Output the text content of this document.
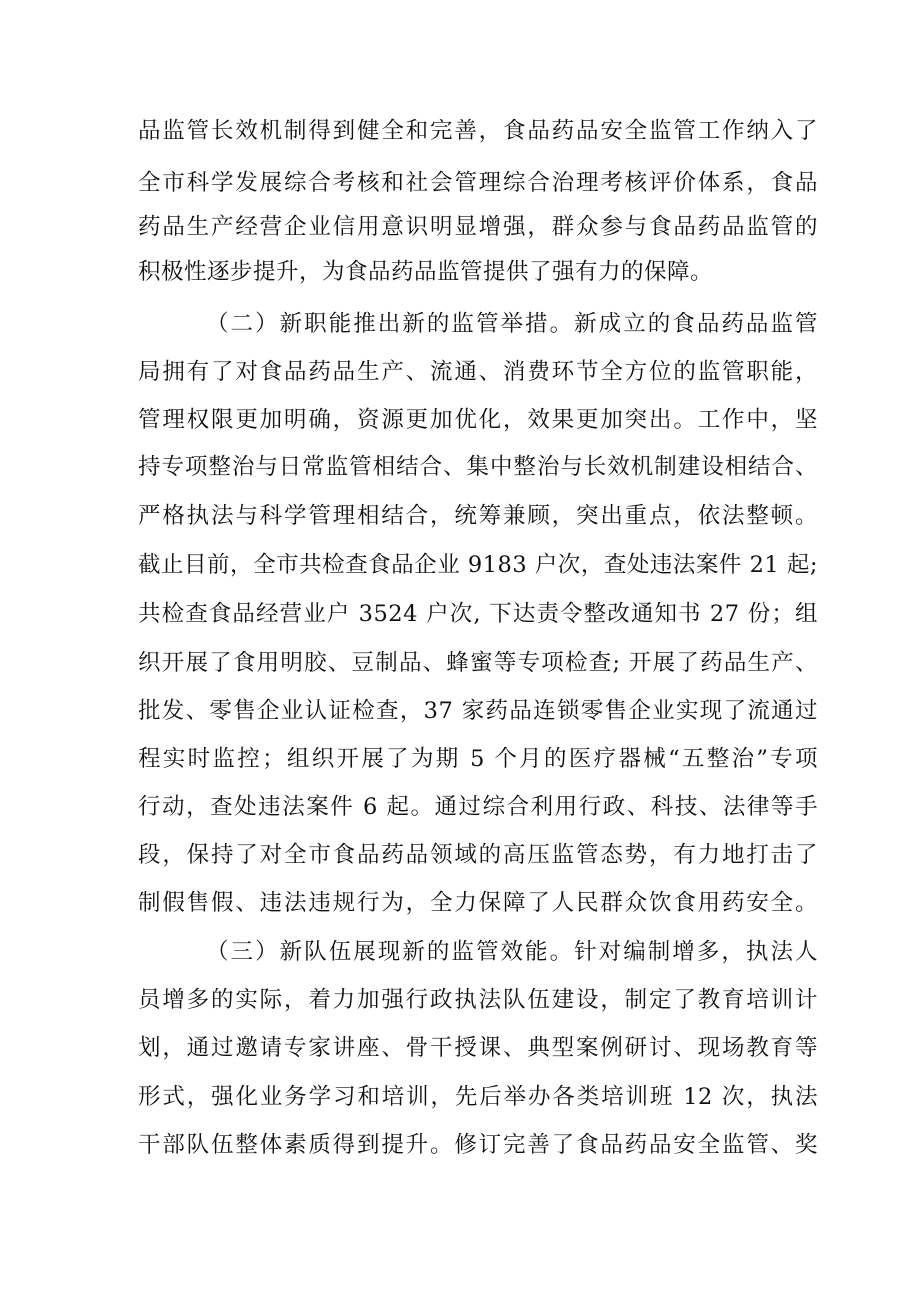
品监管长效机制得到健全和完善，食品药品安全监管工作纳入了
全市科学发展综合考核和社会管理综合治理考核评价体系，食品
药品生产经营企业信用意识明显增强，群众参与食品药品监管的
积极性逐步提升，为食品药品监管提供了强有力的保障。
（二）新职能推出新的监管举措。新成立的食品药品监管
局拥有了对食品药品生产、流通、消费环节全方位的监管职能，
管理权限更加明确，资源更加优化，效果更加突出。工作中，坚
持专项整治与日常监管相结合、集中整治与长效机制建设相结合、
严格执法与科学管理相结合，统筹兼顾，突出重点，依法整顿。
截止目前，全市共检查食品企业 9183 户次，查处违法案件 21 起;
共检查食品经营业户 3524 户次, 下达责令整改通知书 27 份；组
织开展了食用明胶、豆制品、蜂蜜等专项检查; 开展了药品生产、
批发、零售企业认证检查，37 家药品连锁零售企业实现了流通过
程实时监控；组织开展了为期 5 个月的医疗器械“五整治”专项
行动，查处违法案件 6 起。通过综合利用行政、科技、法律等手
段，保持了对全市食品药品领域的高压监管态势，有力地打击了
制假售假、违法违规行为，全力保障了人民群众饮食用药安全。
（三）新队伍展现新的监管效能。针对编制增多，执法人
员增多的实际，着力加强行政执法队伍建设，制定了教育培训计
划，通过邀请专家讲座、骨干授课、典型案例研讨、现场教育等
形式，强化业务学习和培训，先后举办各类培训班 12 次，执法
干部队伍整体素质得到提升。修订完善了食品药品安全监管、奖
